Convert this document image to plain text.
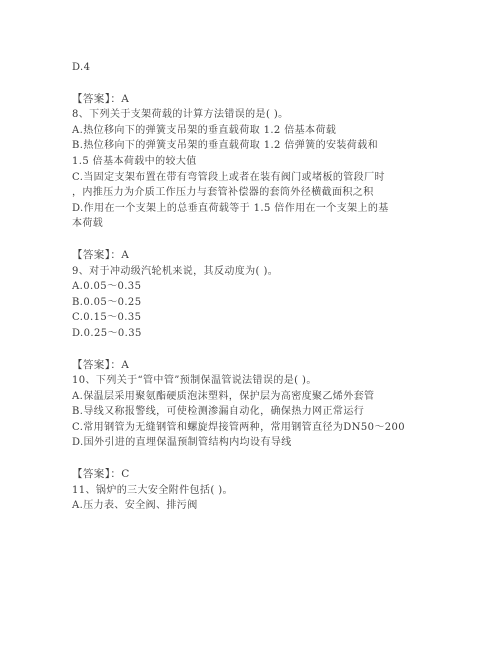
D.4
【答案】：A
8、下列关于支架荷载的计算方法错误的是( )。
A.热位移向下的弹簧支吊架的垂直载荷取 1.2 倍基本荷载
B.热位移向下的弹簧支吊架的垂直载荷取 1.2 倍弹簧的安装荷载和
1.5 倍基本荷载中的较大值
C.当固定支架布置在带有弯管段上或者在装有阀门或堵板的管段厂时
，内推压力为介质工作压力与套管补偿器的套筒外径横截面积之积
D.作用在一个支架上的总垂直荷载等于 1.5 倍作用在一个支架上的基
本荷载
【答案】：A
9、对于冲动级汽轮机来说，其反动度为( )。
A.0.05～0.35
B.0.05～0.25
C.0.15～0.35
D.0.25～0.35
【答案】：A
10、下列关于“管中管”预制保温管说法错误的是( )。
A.保温层采用聚氨酯硬质泡沫塑料，保护层为高密度聚乙烯外套管
B.导线又称报警线，可使检测渗漏自动化，确保热力网正常运行
C.常用钢管为无缝钢管和螺旋焊接管两种，常用钢管直径为DN50～200
D.国外引进的直埋保温预制管结构内均设有导线
【答案】：C
11、锅炉的三大安全附件包括( )。
A.压力表、安全阀、排污阀
